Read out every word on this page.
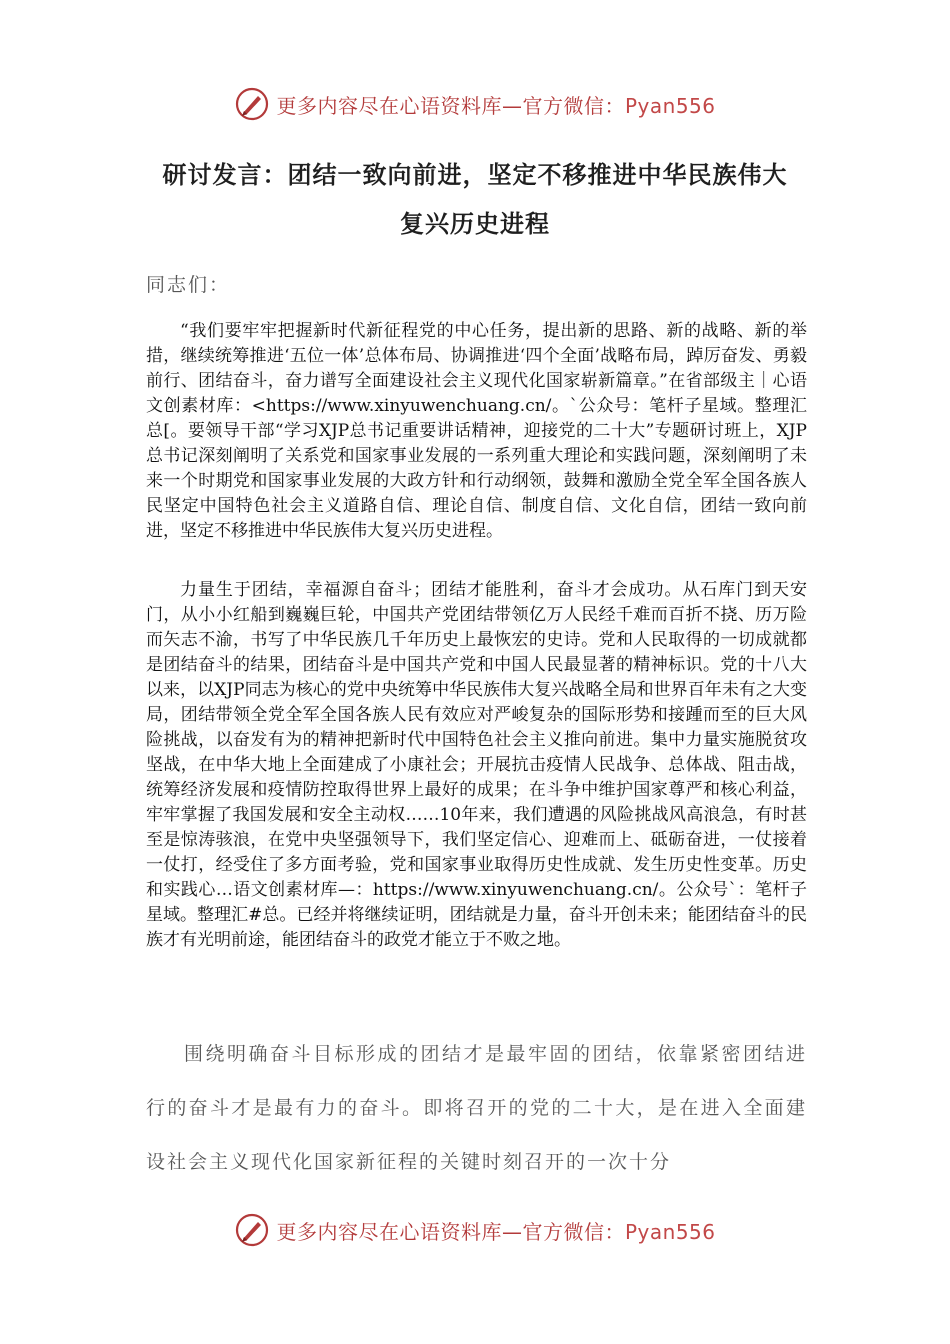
更多内容尽在心语资料库—官方微信：Pyan556
研讨发言：团结一致向前进，坚定不移推进中华民族伟大
复兴历史进程
同志们：

“我们要牢牢把握新时代新征程党的中心任务，提出新的思路、新的战略、新的举措，继续统筹推进‘五位一体’总体布局、协调推进‘四个全面’战略布局，踔厉奋发、勇毅前行、团结奋斗，奋力谱写全面建设社会主义现代化国家崭新篇章。”在省部级主｜心语文创素材库：<https://www.xinyuwenchuang.cn/。`公众号：笔杆子星域。整理汇总[。要领导干部“学习XJP总书记重要讲话精神，迎接党的二十大”专题研讨班上，XJP总书记深刻阐明了关系党和国家事业发展的一系列重大理论和实践问题，深刻阐明了未来一个时期党和国家事业发展的大政方针和行动纲领，鼓舞和激励全党全军全国各族人民坚定中国特色社会主义道路自信、理论自信、制度自信、文化自信，团结一致向前进，坚定不移推进中华民族伟大复兴历史进程。

力量生于团结，幸福源自奋斗；团结才能胜利，奋斗才会成功。从石库门到天安门，从小小红船到巍巍巨轮，中国共产党团结带领亿万人民经千难而百折不挠、历万险而矢志不渝，书写了中华民族几千年历史上最恢宏的史诗。党和人民取得的一切成就都是团结奋斗的结果，团结奋斗是中国共产党和中国人民最显著的精神标识。党的十八大以来，以XJP同志为核心的党中央统筹中华民族伟大复兴战略全局和世界百年未有之大变局，团结带领全党全军全国各族人民有效应对严峻复杂的国际形势和接踵而至的巨大风险挑战，以奋发有为的精神把新时代中国特色社会主义推向前进。集中力量实施脱贫攻坚战，在中华大地上全面建成了小康社会；开展抗击疫情人民战争、总体战、阻击战，统筹经济发展和疫情防控取得世界上最好的成果；在斗争中维护国家尊严和核心利益，牢牢掌握了我国发展和安全主动权……10年来，我们遭遇的风险挑战风高浪急，有时甚至是惊涛骇浪，在党中央坚强领导下，我们坚定信心、迎难而上、砥砺奋进，一仗接着一仗打，经受住了多方面考验，党和国家事业取得历史性成就、发生历史性变革。历史和实践心…语文创素材库—：https://www.xinyuwenchuang.cn/。公众号`：笔杆子星域。整理汇#总。已经并将继续证明，团结就是力量，奋斗开创未来；能团结奋斗的民族才有光明前途，能团结奋斗的政党才能立于不败之地。

围绕明确奋斗目标形成的团结才是最牢固的团结，依靠紧密团结进行的奋斗才是最有力的奋斗。即将召开的党的二十大，是在进入全面建设社会主义现代化国家新征程的关键时刻召开的一次十分

更多内容尽在心语资料库—官方微信：Pyan556
